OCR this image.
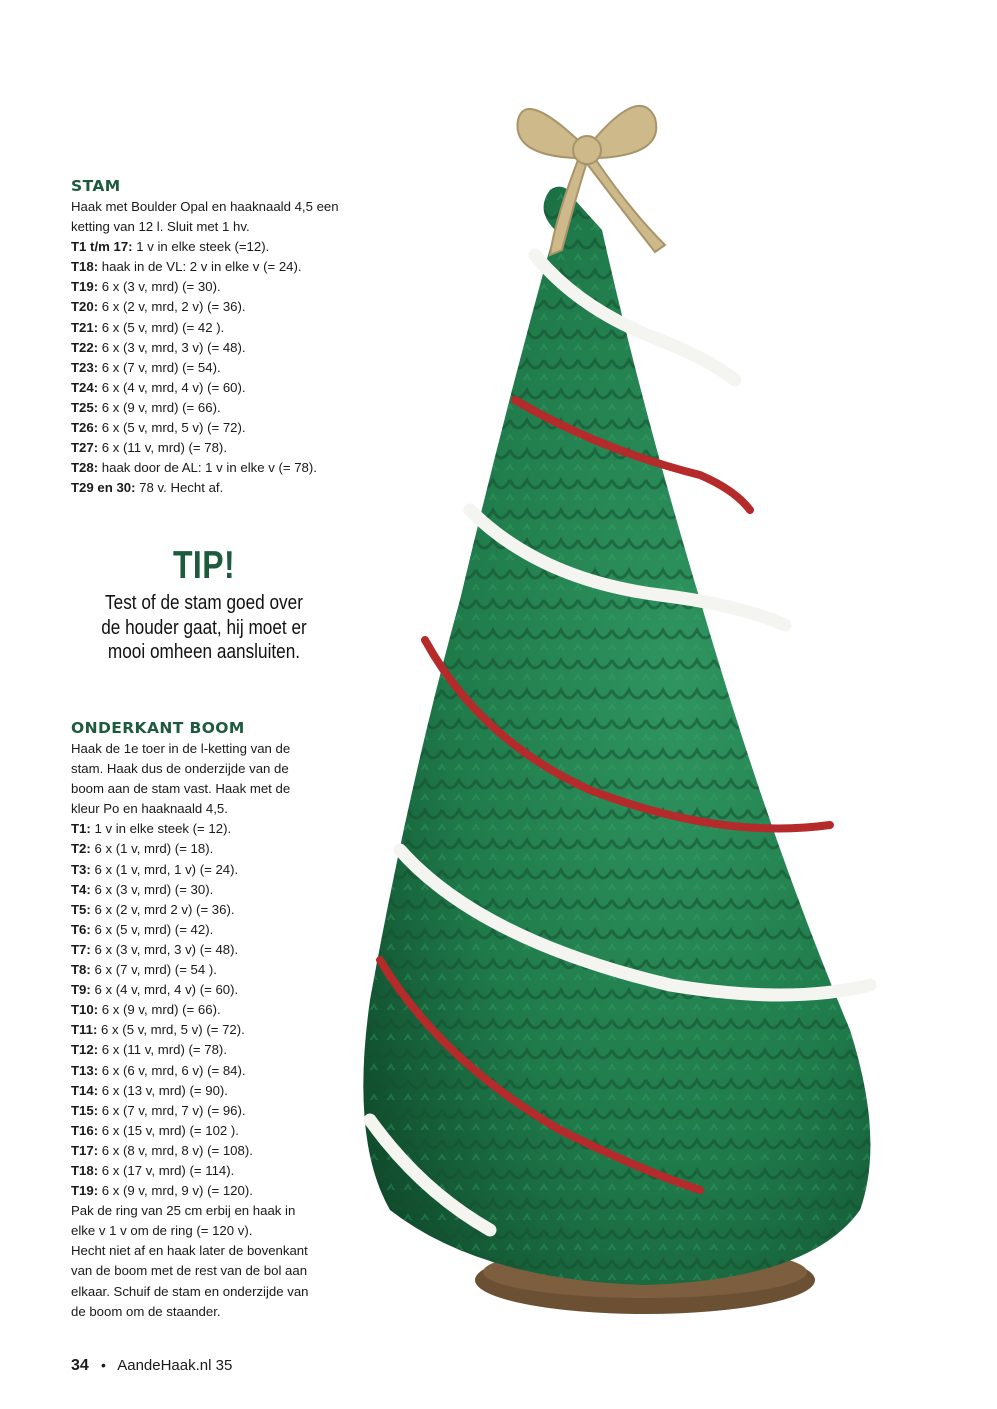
STAM

Haak met Boulder Opal en haaknaald 4,5 een ketting van 12 l. Sluit met 1 hv.

T1 t/m 17: 1 v in elke steek (=12).

T18: haak in de VL: 2 v in elke v (= 24).

T19: 6 x (3 v, mrd) (= 30).

T20: 6 x (2 v, mrd, 2 v) (= 36).

T21: 6 x (5 v, mrd) (= 42 ).

T22: 6 x (3 v, mrd, 3 v) (= 48).

T23: 6 x (7 v, mrd) (= 54).

T24: 6 x (4 v, mrd, 4 v) (= 60).

T25: 6 x (9 v, mrd) (= 66).

T26: 6 x (5 v, mrd, 5 v) (= 72).

T27: 6 x (11 v, mrd) (= 78).

T28: haak door de AL: 1 v in elke v (= 78).

T29 en 30: 78 v. Hecht af.

TIP!
Test of de stam goed over
de houder gaat, hij moet er
mooi omheen aansluiten.
ONDERKANT BOOM

Haak de 1e toer in de l-ketting van de

stam. Haak dus de onderzijde van de

boom aan de stam vast. Haak met de

kleur Po en haaknaald 4,5.

T1: 1 v in elke steek (= 12).

T2: 6 x (1 v, mrd) (= 18).

T3: 6 x (1 v, mrd, 1 v) (= 24).

T4: 6 x (3 v, mrd) (= 30).

T5: 6 x (2 v, mrd 2 v) (= 36).

T6: 6 x (5 v, mrd) (= 42).

T7: 6 x (3 v, mrd, 3 v) (= 48).

T8: 6 x (7 v, mrd) (= 54 ).

T9: 6 x (4 v, mrd, 4 v) (= 60).

T10: 6 x (9 v, mrd) (= 66).

T11: 6 x (5 v, mrd, 5 v) (= 72).

T12: 6 x (11 v, mrd) (= 78).

T13: 6 x (6 v, mrd, 6 v) (= 84).

T14: 6 x (13 v, mrd) (= 90).

T15: 6 x (7 v, mrd, 7 v) (= 96).

T16: 6 x (15 v, mrd) (= 102 ).

T17: 6 x (8 v, mrd, 8 v) (= 108).

T18: 6 x (17 v, mrd) (= 114).

T19: 6 x (9 v, mrd, 9 v) (= 120).

Pak de ring van 25 cm erbij en haak in

elke v 1 v om de ring (= 120 v).

Hecht niet af en haak later de bovenkant

van de boom met de rest van de bol aan

elkaar. Schuif de stam en onderzijde van

de boom om de staander.

34 • AandeHaak.nl 35
